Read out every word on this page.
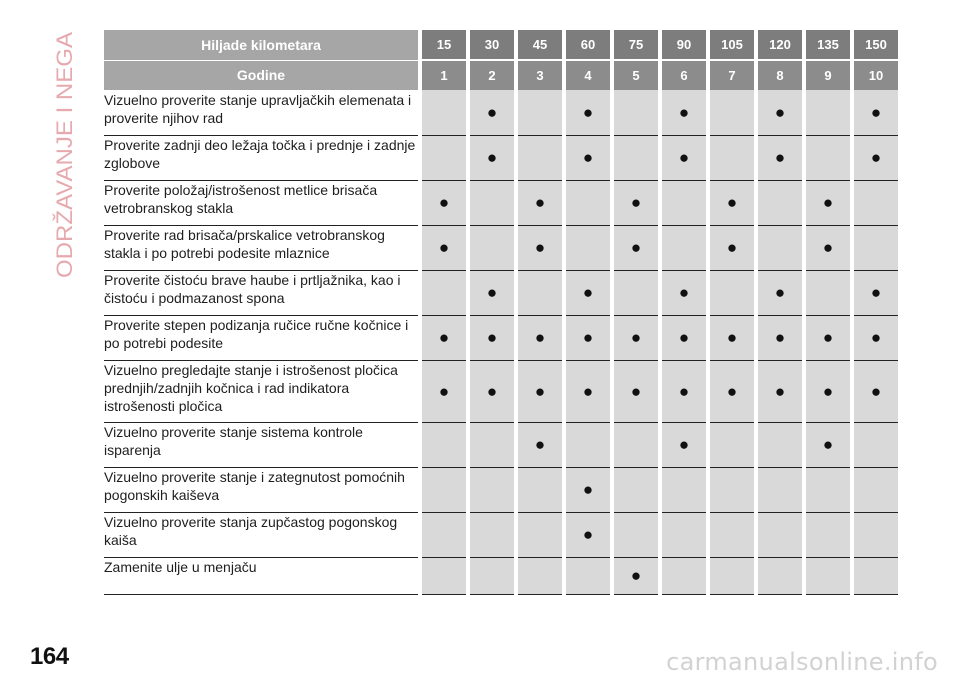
ODRŽAVANJE I NEGA
Hiljade kilometara	15	30	45	60	75	90	105	120	135	150
Godine	1	2	3	4	5	6	7	8	9	10
Vizuelno proverite stanje upravljačkih elemenata i proverite njihov rad		●		●		●		●		●
Proverite zadnji deo ležaja točka i prednje i zadnje zglobove		●		●		●		●		●
Proverite položaj/istrošenost metlice brisača vetrobranskog stakla	●		●		●		●		●	
Proverite rad brisača/prskalice vetrobranskog stakla i po potrebi podesite mlaznice	●		●		●		●		●	
Proverite čistoću brave haube i prtljažnika, kao i čistoću i podmazanost spona		●		●		●		●		●
Proverite stepen podizanja ručice ručne kočnice i po potrebi podesite	●	●	●	●	●	●	●	●	●	●
Vizuelno pregledajte stanje i istrošenost pločica prednjih/zadnjih kočnica i rad indikatora istrošenosti pločica	●	●	●	●	●	●	●	●	●	●
Vizuelno proverite stanje sistema kontrole isparenja			●			●			●	
Vizuelno proverite stanje i zategnutost pomoćnih pogonskih kaiševa				●						
Vizuelno proverite stanja zupčastog pogonskog kaiša				●						
Zamenite ulje u menjaču					●					
164	carmanualsonline.info
